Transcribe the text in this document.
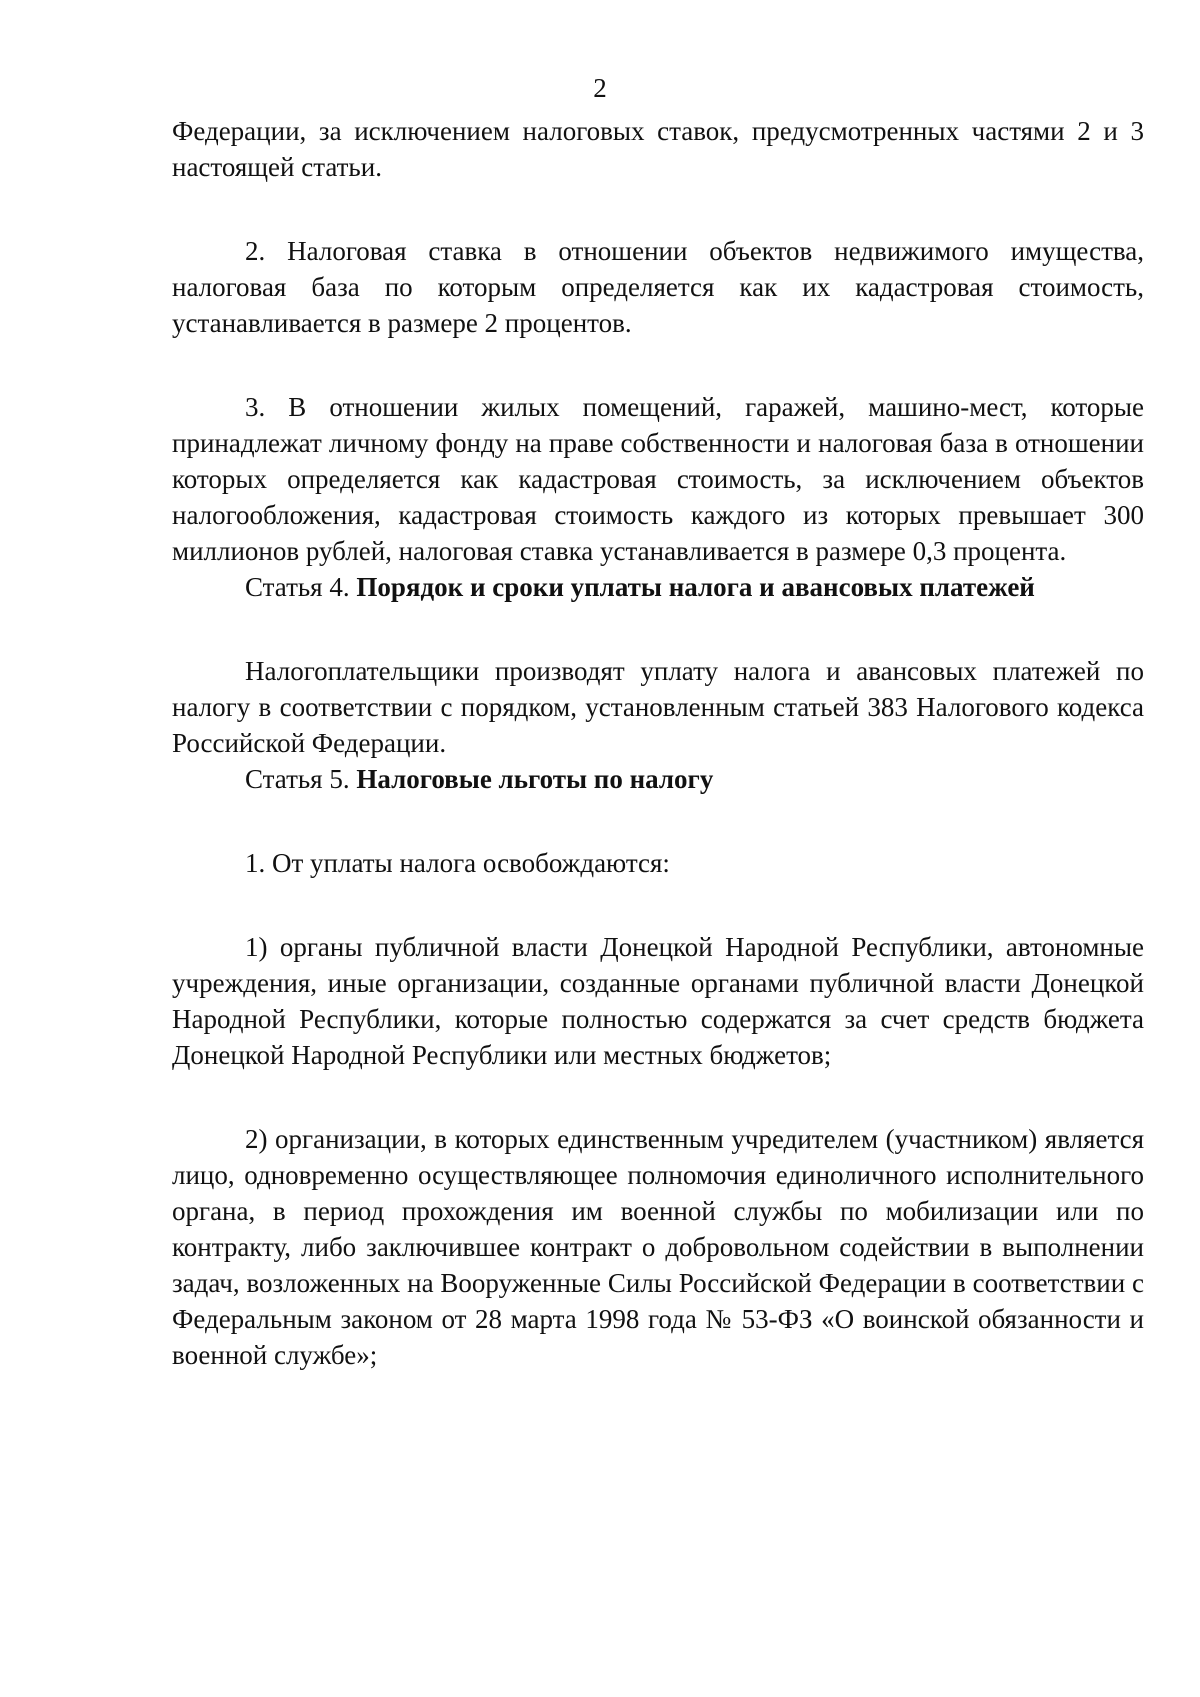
2

Федерации, за исключением налоговых ставок, предусмотренных частями 2 и 3 настоящей статьи.

2. Налоговая ставка в отношении объектов недвижимого имущества, налоговая база по которым определяется как их кадастровая стоимость, устанавливается в размере 2 процентов.

3. В отношении жилых помещений, гаражей, машино-мест, которые принадлежат личному фонду на праве собственности и налоговая база в отношении которых определяется как кадастровая стоимость, за исключением объектов налогообложения, кадастровая стоимость каждого из которых превышает 300 миллионов рублей, налоговая ставка устанавливается в размере 0,3 процента.

Статья 4. Порядок и сроки уплаты налога и авансовых платежей

Налогоплательщики производят уплату налога и авансовых платежей по налогу в соответствии с порядком, установленным статьей 383 Налогового кодекса Российской Федерации.

Статья 5. Налоговые льготы по налогу

1. От уплаты налога освобождаются:

1) органы публичной власти Донецкой Народной Республики, автономные учреждения, иные организации, созданные органами публичной власти Донецкой Народной Республики, которые полностью содержатся за счет средств бюджета Донецкой Народной Республики или местных бюджетов;

2) организации, в которых единственным учредителем (участником) является лицо, одновременно осуществляющее полномочия единоличного исполнительного органа, в период прохождения им военной службы по мобилизации или по контракту, либо заключившее контракт о добровольном содействии в выполнении задач, возложенных на Вооруженные Силы Российской Федерации в соответствии с Федеральным законом от 28 марта 1998 года № 53-ФЗ «О воинской обязанности и военной службе»;
